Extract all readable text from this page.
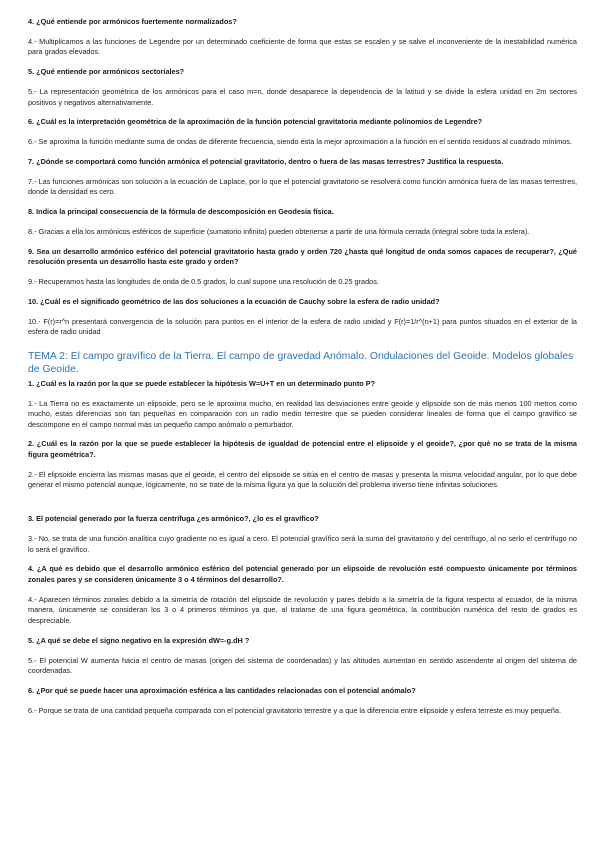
4. ¿Qué entiende por armónicos fuertemente normalizados?

4.- Multiplicamos a las funciones de Legendre por un determinado coeficiente de forma que estas se escalen y se salve el inconveniente de la inestabilidad numérica para grados elevados.

5. ¿Qué entiende por armónicos sectoriales?

5.- La representación geométrica de los armónicos para el caso m=n, donde desaparece la dependencia de la latitud y se divide la esfera unidad en 2m sectores positivos y negativos alternativamente.

6. ¿Cuál es la interpretación geométrica de la aproximación de la función potencial gravitatoria mediante polinomios de Legendre?

6.- Se aproxima la función mediante suma de ondas de diferente frecuencia, siendo ésta la mejor aproximación a la función en el sentido residuos al cuadrado mínimos.

7. ¿Dónde se comportará como función armónica el potencial gravitatorio, dentro o fuera de las masas terrestres? Justifica la respuesta.

7.- Las funciones armónicas son solución a la ecuación de Laplace, por lo que el potencial gravitatorio se resolverá como función armónica fuera de las masas terrestres, donde la densidad es cero.

8. Indica la principal consecuencia de la fórmula de descomposición en Geodesia física.

8.- Gracias a ella los armónicos esféricos de superficie (sumatorio infinito) pueden obtenerse a partir de una fórmula cerrada (integral sobre toda la esfera).

9. Sea un desarrollo armónico esférico del potencial gravitatorio hasta grado y orden 720 ¿hasta qué longitud de onda somos capaces de recuperar?, ¿Qué resolución presenta un desarrollo hasta este grado y orden?

9.- Recuperamos hasta las longitudes de onda de 0.5 grados, lo cual supone una resolución de 0.25 grados.

10. ¿Cuál es el significado geométrico de las dos soluciones a la ecuación de Cauchy sobre la esfera de radio unidad?

10.- F(r)=r^n presentará convergencia de la solución para puntos en el interior de la esfera de radio unidad y F(r)=1/r^(n+1) para puntos situados en el exterior de la esfera de radio unidad

TEMA 2: El campo gravífico de la Tierra. El campo de gravedad Anómalo. Ondulaciones del Geoide. Modelos globales de Geoide.

1. ¿Cuál es la razón por la que se puede establecer la hipótesis W=U+T en un determinado punto P?

1.- La Tierra no es exactamente un elipsoide, pero se le aproxima mucho, en realidad las desviaciones entre geoide y elipsoide son de más menos 100 metros como mucho, estas diferencias son tan pequeñas en comparación con un radio medio terrestre que se pueden considerar lineales de forma que el campo gravífico se descompone en el campo normal más un pequeño campo anómalo o perturbador.

2. ¿Cuál es la razón por la que se puede establecer la hipótesis de igualdad de potencial entre el elipsoide y el geoide?, ¿por qué no se trata de la misma figura geométrica?.

2.- El elipsoide encierra las mismas masas que el geoide, el centro del elipsoide se sitúa en el centro de masas y presenta la misma velocidad angular, por lo que debe generar el mismo potencial aunque, lógicamente, no se trate de la misma figura ya que la solución del problema inverso tiene infinitas soluciones.

3. El potencial generado por la fuerza centrífuga ¿es armónico?, ¿lo es el gravífico?

3.- No, se trata de una función analítica cuyo gradiente no es igual a cero. El potencial gravífico será la suma del gravitatorio y del centrífugo, al no serlo el centrífugo no lo será el gravífico.

4. ¿A qué es debido que el desarrollo armónico esférico del potencial generado por un elipsoide de revolución esté compuesto únicamente por términos zonales pares y se consideren únicamente 3 o 4 términos del desarrollo?.

4.- Aparecen términos zonales debido a la simetría de rotación del elipsoide de revolución y pares debido a la simetría de la figura respecto al ecuador, de la misma manera, únicamente se consideran los 3 o 4 primeros términos ya que, al tratarse de una figura geométrica, la contribución numérica del resto de grados es despreciable.

5. ¿A qué se debe el signo negativo en la expresión dW=-g.dH ?

5.- El potencial W aumenta hacia el centro de masas (origen del sistema de coordenadas) y las altitudes aumentan en sentido ascendente al origen del sistema de coordenadas.

6. ¿Por qué se puede hacer una aproximación esférica a las cantidades relacionadas con el potencial anómalo?

6.- Porque se trata de una cantidad pequeña comparada con el potencial gravitatorio terrestre y a que la diferencia entre elipsoide y esfera terreste es muy pequeña.
